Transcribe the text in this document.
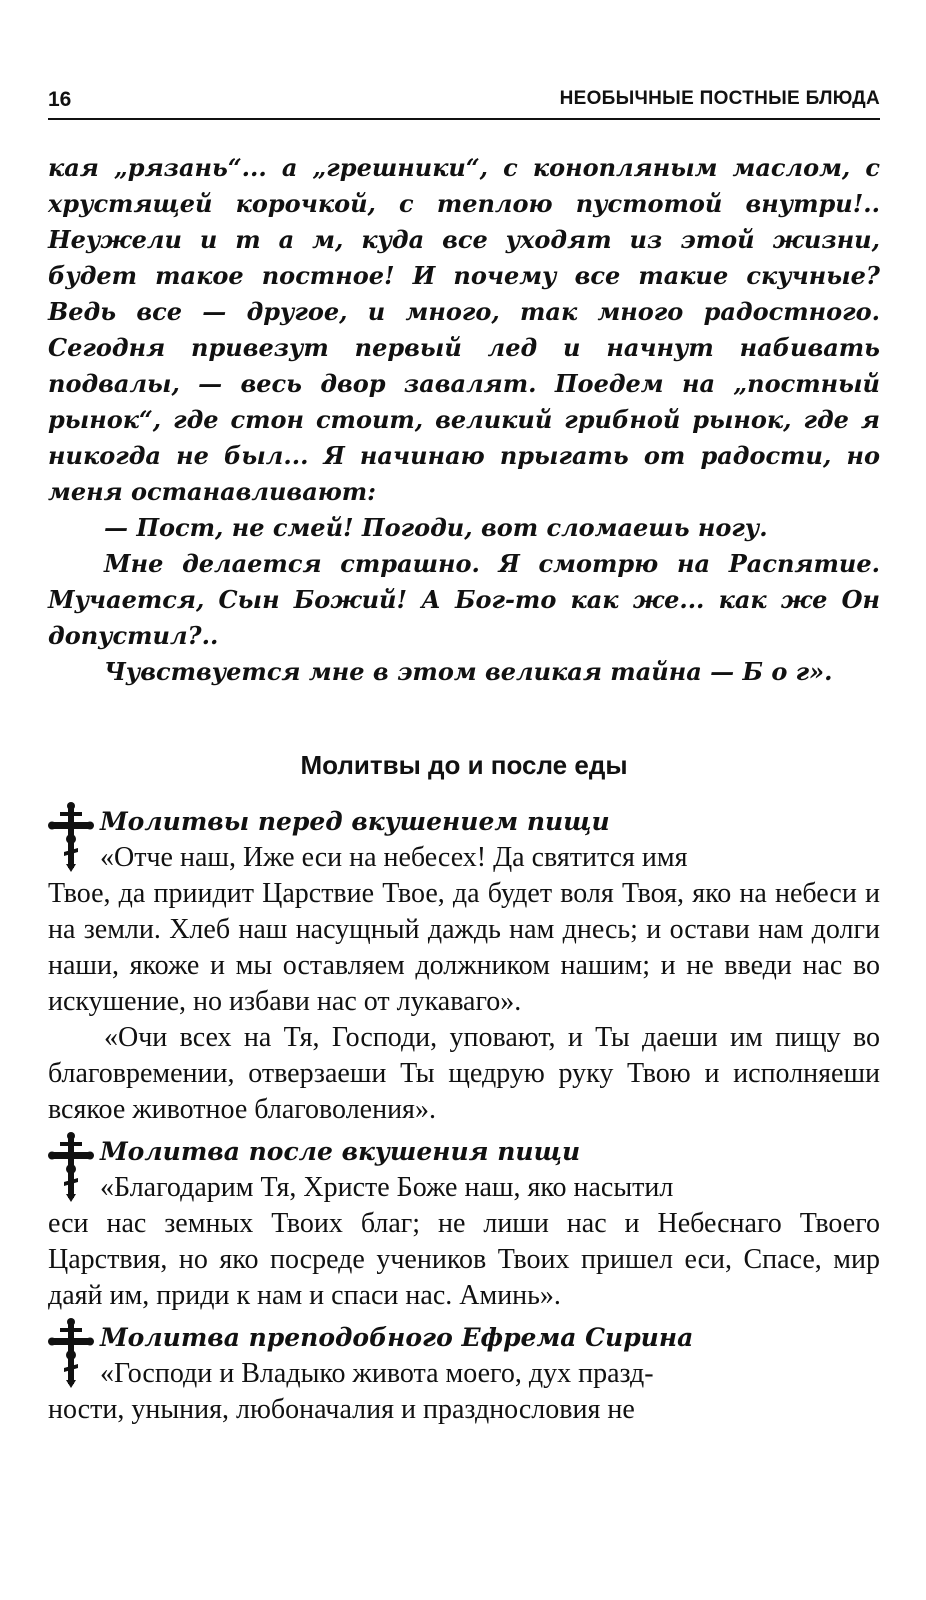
16	НЕОБЫЧНЫЕ ПОСТНЫЕ БЛЮДА

кая „рязань“... а „грешники“, с конопляным маслом, с хрустящей корочкой, с теплою пустотой внутри!.. Неужели и т а м, куда все уходят из этой жизни, будет такое постное! И почему все такие скучные? Ведь все — другое, и много, так много радостного. Сегодня привезут первый лед и начнут набивать подвалы, — весь двор завалят. Поедем на „постный рынок“, где стон стоит, великий грибной рынок, где я никогда не был... Я начинаю прыгать от радости, но меня останавливают:

— Пост, не смей! Погоди, вот сломаешь ногу.

Мне делается страшно. Я смотрю на Распятие. Мучается, Сын Божий! А Бог-то как же... как же Он допустил?..

Чувствуется мне в этом великая тайна — Б о г».

Молитвы до и после еды

Молитвы перед вкушением пищи

«Отче наш, Иже еси на небесех! Да святится имя

Твое, да приидит Царствие Твое, да будет воля Твоя, яко на небеси и на земли. Хлеб наш насущный даждь нам днесь; и остави нам долги наши, якоже и мы оставляем должником нашим; и не введи нас во искушение, но избави нас от лукаваго».

«Очи всех на Тя, Господи, уповают, и Ты даеши им пищу во благовремении, отверзаеши Ты щедрую руку Твою и исполняеши всякое животное благоволения».

Молитва после вкушения пищи

«Благодарим Тя, Христе Боже наш, яко насытил

еси нас земных Твоих благ; не лиши нас и Небеснаго Твоего Царствия, но яко посреде учеников Твоих пришел еси, Спасе, мир даяй им, приди к нам и спаси нас. Аминь».

Молитва преподобного Ефрема Сирина

«Господи и Владыко живота моего, дух празд-

ности, уныния, любоначалия и празднословия не
